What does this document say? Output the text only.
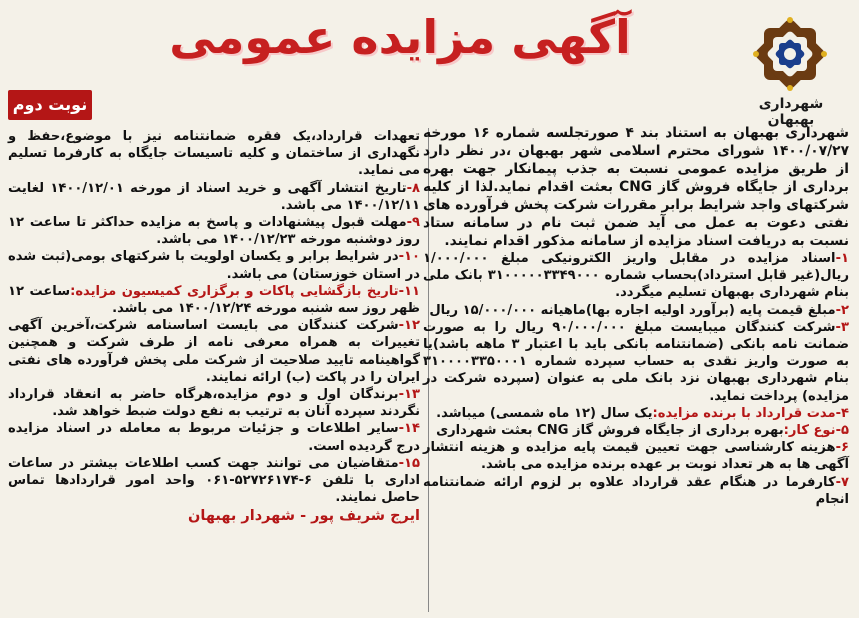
آگهی مزایده عمومی
شهرداری بهبهان
نوبت دوم

شهرداری بهبهان به استناد بند ۴ صورتجلسه شماره ۱۶ مورخه ۱۴۰۰/۰۷/۲۷ شورای محترم اسلامی شهر بهبهان ،در نظر دارد از طریق مزایده عمومی نسبت به جذب پیمانکار جهت بهره برداری از جایگاه فروش گاز CNG بعثت اقدام نماید.لذا از کلیه شرکتهای واجد شرایط برابر مقررات شرکت پخش فرآورده های نفتی دعوت به عمل می آید ضمن ثبت نام در سامانه ستاد نسبت به دریافت اسناد مزایده از سامانه مذکور اقدام نمایند.

۱-اسناد مزایده در مقابل واریز الکترونیکی مبلغ ۱/۰۰۰/۰۰۰ ریال(غیر قابل استرداد)بحساب شماره ۳۱۰۰۰۰۰۳۳۴۹۰۰۰ بانک ملی بنام شهرداری بهبهان تسلیم میگردد.

۲-مبلغ قیمت پایه (برآورد اولیه اجاره بها)ماهیانه ۱۵/۰۰۰/۰۰۰ ریال

۳-شرکت کنندگان میبایست مبلغ ۹۰/۰۰۰/۰۰۰ ریال را به صورت ضمانت نامه بانکی (ضمانتنامه بانکی باید با اعتبار ۳ ماهه باشد)یا به صورت واریز نقدی به حساب سپرده شماره ۳۱۰۰۰۰۳۳۵۰۰۰۱ بنام شهرداری بهبهان نزد بانک ملی به عنوان (سپرده شرکت در مزایده) پرداخت نماید.

۴-مدت قرارداد با برنده مزایده:یک سال (۱۲ ماه شمسی) میباشد.

۵-نوع کار:بهره برداری از جایگاه فروش گاز CNG بعثت شهرداری

۶-هزینه کارشناسی جهت تعیین قیمت پایه مزایده و هزینه انتشار آگهی ها به هر تعداد نوبت بر عهده برنده مزایده می باشد.

۷-کارفرما در هنگام عقد قرارداد علاوه بر لزوم ارائه ضمانتنامه انجام

تعهدات قرارداد،یک فقره ضمانتنامه نیز با موضوع،حفظ و نگهداری از ساختمان و کلیه تاسیسات جایگاه به کارفرما تسلیم می نماید.

۸-تاریخ انتشار آگهی و خرید اسناد از مورخه ۱۴۰۰/۱۲/۰۱ لغایت ۱۴۰۰/۱۲/۱۱ می باشد.

۹-مهلت قبول پیشنهادات و پاسخ به مزایده حداکثر تا ساعت ۱۲ روز دوشنبه مورخه ۱۴۰۰/۱۲/۲۳ می باشد.

۱۰-در شرایط برابر و یکسان اولویت با شرکتهای بومی(ثبت شده در استان خوزستان) می باشد.

۱۱-تاریخ بازگشایی پاکات و برگزاری کمیسیون مزایده:ساعت ۱۲ ظهر روز سه شنبه مورخه ۱۴۰۰/۱۲/۲۴ می باشد.

۱۲-شرکت کنندگان می بایست اساسنامه شرکت،آخرین آگهی تغییرات به همراه معرفی نامه از طرف شرکت و همچنین گواهینامه تایید صلاحیت از شرکت ملی پخش فرآورده های نفتی ایران را در پاکت (ب) ارائه نمایند.

۱۳-برندگان اول و دوم مزایده،هرگاه حاضر به انعقاد قرارداد نگردند سپرده آنان به ترتیب به نفع دولت ضبط خواهد شد.

۱۴-سایر اطلاعات و جزئیات مربوط به معامله در اسناد مزایده درج گردیده است.

۱۵-متقاضیان می توانند جهت کسب اطلاعات بیشتر در ساعات اداری با تلفن ۶-۵۲۷۲۶۱۷۴-۰۶۱ واحد امور قراردادها تماس حاصل نمایند.

ایرج شریف پور - شهردار بهبهان
